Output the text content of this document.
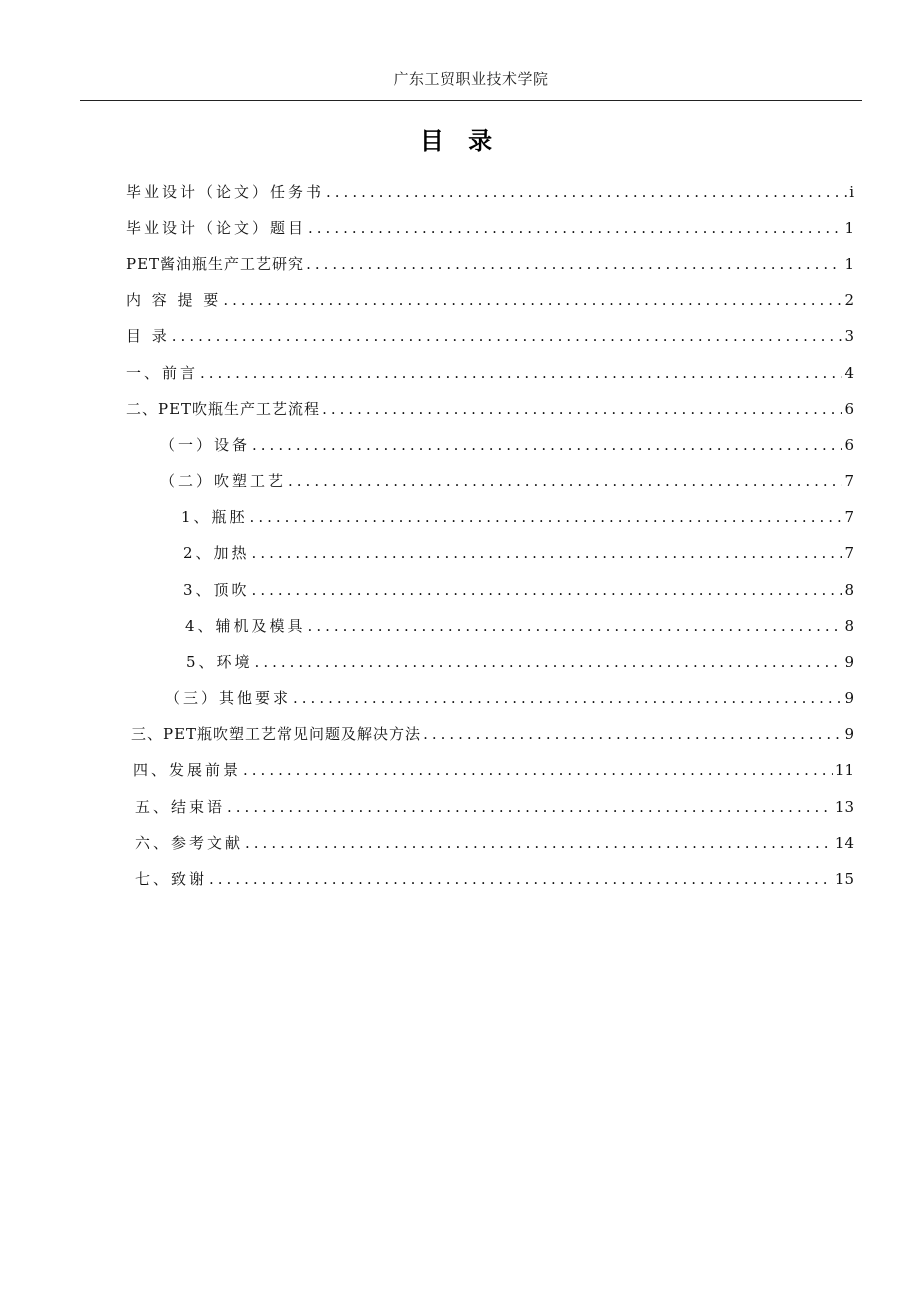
广东工贸职业技术学院
目 录
毕业设计（论文）任务书 .....	i
毕业设计（论文）题目 .....	1
PET酱油瓶生产工艺研究 .....	1
内 容 提 要 .....	2
目 录 .....	3
一、前言 .....	4
二、PET吹瓶生产工艺流程 .....	6
（一）设备 .....	6
（二）吹塑工艺 .....	7
1、瓶胚 .....	7
2、加热 .....	7
3、顶吹 .....	8
4、辅机及模具 .....	8
5、环境 .....	9
（三）其他要求 .....	9
三、PET瓶吹塑工艺常见问题及解决方法 .....	9
四、发展前景 .....	11
五、结束语 .....	13
六、参考文献 .....	14
七、致谢 .....	15
